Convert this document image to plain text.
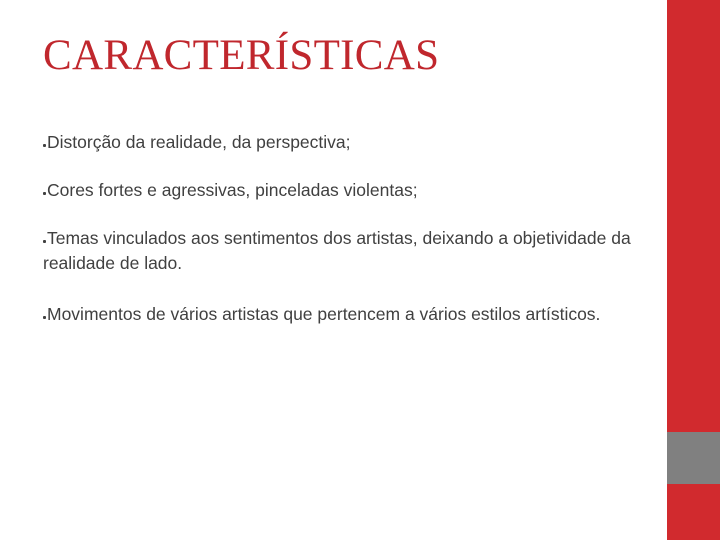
CARACTERÍSTICAS
Distorção da realidade, da perspectiva;
Cores fortes e agressivas, pinceladas violentas;
Temas vinculados aos sentimentos dos artistas, deixando a objetividade da realidade de lado.
Movimentos de vários artistas que pertencem a vários estilos artísticos.
